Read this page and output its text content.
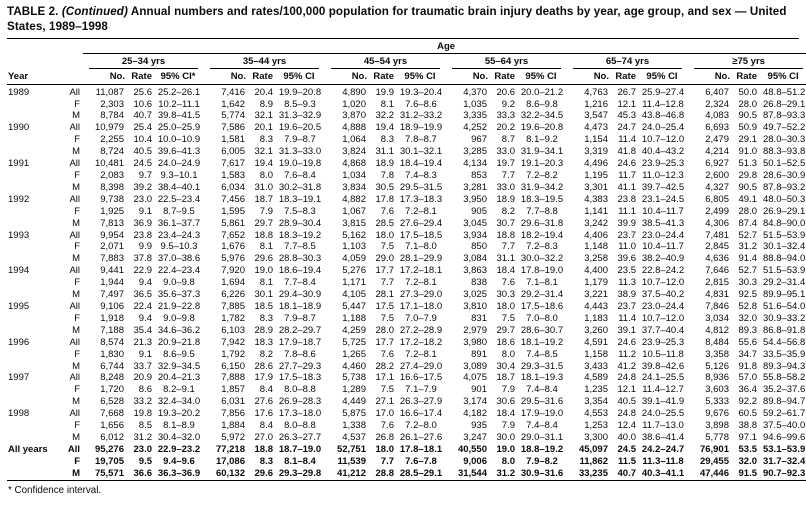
TABLE 2. (Continued) Annual numbers and rates/100,000 population for traumatic brain injury deaths by year, age group, and sex — United States, 1989–1998
		Age																	

		25–34 yrs			35–44 yrs			45–54 yrs			55–64 yrs			65–74 yrs			≥75 yrs		

Year		No.	Rate	95% CI*	No.	Rate	95% CI	No.	Rate	95% CI	No.	Rate	95% CI	No.	Rate	95% CI	No.	Rate	95% CI
1989	All	11,087	25.6	25.2–26.1	7,416	20.4	19.9–20.8	4,890	19.9	19.3–20.4	4,370	20.6	20.0–21.2	4,763	26.7	25.9–27.4	6,407	50.0	48.8–51.2
	F	2,303	10.6	10.2–11.1	1,642	8.9	8.5–9.3	1,020	8.1	7.6–8.6	1,035	9.2	8.6–9.8	1,216	12.1	11.4–12.8	2,324	28.0	26.8–29.1
	M	8,784	40.7	39.8–41.5	5,774	32.1	31.3–32.9	3,870	32.2	31.2–33.2	3,335	33.3	32.2–34.5	3,547	45.3	43.8–46.8	4,083	90.5	87.8–93.3
1990	All	10,979	25.4	25.0–25.9	7,586	20.1	19.6–20.5	4,888	19.4	18.9–19.9	4,252	20.2	19.6–20.8	4,473	24.7	24.0–25.4	6,693	50.9	49.7–52.2
	F	2,255	10.4	10.0–10.9	1,581	8.3	7.9–8.7	1,064	8.3	7.8–8.7	967	8.7	8.1–9.2	1,154	11.4	10.7–12.0	2,479	29.1	28.0–30.3
	M	8,724	40.5	39.6–41.3	6,005	32.1	31.3–33.0	3,824	31.1	30.1–32.1	3,285	33.0	31.9–34.1	3,319	41.8	40.4–43.2	4,214	91.0	88.3–93.8
1991	All	10,481	24.5	24.0–24.9	7,617	19.4	19.0–19.8	4,868	18.9	18.4–19.4	4,134	19.7	19.1–20.3	4,496	24.6	23.9–25.3	6,927	51.3	50.1–52.5
	F	2,083	9.7	9.3–10.1	1,583	8.0	7.6–8.4	1,034	7.8	7.4–8.3	853	7.7	7.2–8.2	1,195	11.7	11.0–12.3	2,600	29.8	28.6–30.9
	M	8,398	39.2	38.4–40.1	6,034	31.0	30.2–31.8	3,834	30.5	29.5–31.5	3,281	33.0	31.9–34.2	3,301	41.1	39.7–42.5	4,327	90.5	87.8–93.2
1992	All	9,738	23.0	22.5–23.4	7,456	18.7	18.3–19.1	4,882	17.8	17.3–18.3	3,950	18.9	18.3–19.5	4,383	23.8	23.1–24.5	6,805	49.1	48.0–50.3
	F	1,925	9.1	8.7–9.5	1,595	7.9	7.5–8.3	1,067	7.6	7.2–8.1	905	8.2	7.7–8.8	1,141	11.1	10.4–11.7	2,499	28.0	26.9–29.1
	M	7,813	36.9	36.1–37.7	5,861	29.7	28.9–30.4	3,815	28.5	27.6–29.4	3,045	30.7	29.6–31.8	3,242	39.9	38.5–41.3	4,306	87.4	84.8–90.0
1993	All	9,954	23.8	23.4–24.3	7,652	18.8	18.3–19.2	5,162	18.0	17.5–18.5	3,934	18.8	18.2–19.4	4,406	23.7	23.0–24.4	7,481	52.7	51.5–53.9
	F	2,071	9.9	9.5–10.3	1,676	8.1	7.7–8.5	1,103	7.5	7.1–8.0	850	7.7	7.2–8.3	1,148	11.0	10.4–11.7	2,845	31.2	30.1–32.4
	M	7,883	37.8	37.0–38.6	5,976	29.6	28.8–30.3	4,059	29.0	28.1–29.9	3,084	31.1	30.0–32.2	3,258	39.6	38.2–40.9	4,636	91.4	88.8–94.0
1994	All	9,441	22.9	22.4–23.4	7,920	19.0	18.6–19.4	5,276	17.7	17.2–18.1	3,863	18.4	17.8–19.0	4,400	23.5	22.8–24.2	7,646	52.7	51.5–53.9
	F	1,944	9.4	9.0–9.8	1,694	8.1	7.7–8.4	1,171	7.7	7.2–8.1	838	7.6	7.1–8.1	1,179	11.3	10.7–12.0	2,815	30.3	29.2–31.4
	M	7,497	36.5	35.6–37.3	6,226	30.1	29.4–30.9	4,105	28.1	27.3–29.0	3,025	30.3	29.2–31.4	3,221	38.9	37.5–40.2	4,831	92.5	89.9–95.1
1995	All	9,106	22.4	21.9–22.8	7,885	18.5	18.1–18.9	5,447	17.5	17.1–18.0	3,810	18.0	17.5–18.6	4,443	23.7	23.0–24.4	7,846	52.8	51.6–54.0
	F	1,918	9.4	9.0–9.8	1,782	8.3	7.9–8.7	1,188	7.5	7.0–7.9	831	7.5	7.0–8.0	1,183	11.4	10.7–12.0	3,034	32.0	30.9–33.2
	M	7,188	35.4	34.6–36.2	6,103	28.9	28.2–29.7	4,259	28.0	27.2–28.9	2,979	29.7	28.6–30.7	3,260	39.1	37.7–40.4	4,812	89.3	86.8–91.8
1996	All	8,574	21.3	20.9–21.8	7,942	18.3	17.9–18.7	5,725	17.7	17.2–18.2	3,980	18.6	18.1–19.2	4,591	24.6	23.9–25.3	8,484	55.6	54.4–56.8
	F	1,830	9.1	8.6–9.5	1,792	8.2	7.8–8.6	1,265	7.6	7.2–8.1	891	8.0	7.4–8.5	1,158	11.2	10.5–11.8	3,358	34.7	33.5–35.9
	M	6,744	33.7	32.9–34.5	6,150	28.6	27.7–29.3	4,460	28.2	27.4–29.0	3,089	30.4	29.3–31.5	3,433	41.2	39.8–42.6	5,126	91.8	89.3–94.3
1997	All	8,248	20.9	20.4–21.3	7,888	17.9	17.5–18.3	5,738	17.1	16.6–17.5	4,075	18.7	18.1–19.3	4,589	24.8	24.1–25.5	8,936	57.0	55.8–58.2
	F	1,720	8.6	8.2–9.1	1,857	8.4	8.0–8.8	1,289	7.5	7.1–7.9	901	7.9	7.4–8.4	1,235	12.1	11.4–12.7	3,603	36.4	35.2–37.6
	M	6,528	33.2	32.4–34.0	6,031	27.6	26.9–28.3	4,449	27.1	26.3–27.9	3,174	30.6	29.5–31.6	3,354	40.5	39.1–41.9	5,333	92.2	89.8–94.7
1998	All	7,668	19.8	19.3–20.2	7,856	17.6	17.3–18.0	5,875	17.0	16.6–17.4	4,182	18.4	17.9–19.0	4,553	24.8	24.0–25.5	9,676	60.5	59.2–61.7
	F	1,656	8.5	8.1–8.9	1,884	8.4	8.0–8.8	1,338	7.6	7.2–8.0	935	7.9	7.4–8.4	1,253	12.4	11.7–13.0	3,898	38.8	37.5–40.0
	M	6,012	31.2	30.4–32.0	5,972	27.0	26.3–27.7	4,537	26.8	26.1–27.6	3,247	30.0	29.0–31.1	3,300	40.0	38.6–41.4	5,778	97.1	94.6–99.6
All years	All	95,276	23.0	22.9–23.2	77,218	18.8	18.7–19.0	52,751	18.0	17.8–18.1	40,550	19.0	18.8–19.2	45,097	24.5	24.2–24.7	76,901	53.5	53.1–53.9
	F	19,705	9.5	9.4–9.6	17,086	8.3	8.1–8.4	11,539	7.7	7.6–7.8	9,006	8.0	7.9–8.2	11,862	11.5	11.3–11.8	29,455	32.0	31.7–32.4
	M	75,571	36.6	36.3–36.9	60,132	29.6	29.3–29.8	41,212	28.8	28.5–29.1	31,544	31.2	30.9–31.6	33,235	40.7	40.3–41.1	47,446	91.5	90.7–92.3
* Confidence interval.
